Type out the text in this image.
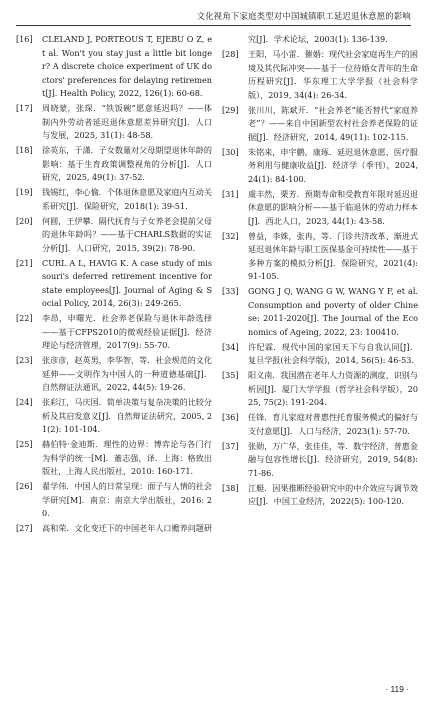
文化视角下家庭类型对中国城镇职工延迟退休意愿的影响
[16]	CLELAND J, PORTEOUS T, EJEBU O Z, et al. Won't you stay just a little bit longer? A discrete choice experiment of UK doctors' preferences for delaying retirement[J]. Health Policy, 2022, 126(1): 60-68.
[17]	周晓蒙，张琛．“铁饭碗”愿意延迟吗？——体制内外劳动者延迟退休意愿差异研究[J]．人口与发展，2025, 31(1): 48-58.
[18]	徐英东，于潇．子女数量对父母期望退休年龄的影响：基于生育政策调整视角的分析[J]．人口研究，2025, 49(1): 37-52.
[19]	钱锡红，李心愉．个体退休意愿及家庭内互动关系研究[J]．保险研究，2018(1): 39-51.
[20]	何圆，王伊攀．隔代抚育与子女养老会提前父母的退休年龄吗？——基于CHARLS数据的实证分析[J]．人口研究，2015, 39(2): 78-90.
[21]	CURL A L, HAVIG K. A case study of missouri's deferred retirement incentive for state employees[J]. Journal of Aging & Social Policy, 2014, 26(3): 249-265.
[22]	李昂，申曙光．社会养老保险与退休年龄选择——基于CFPS2010的微观经验证据[J]．经济理论与经济管理，2017(9): 55-70.
[23]	张彦彦，赵英男，李华智，等．社会规范的文化延伸——文明作为中国人的一种道德基础[J]．自然辩证法通讯，2022, 44(5): 19-26.
[24]	张彩江，马庆国．简单决策与复杂决策的比较分析及其启发意义[J]．自然辩证法研究，2005, 21(2): 101-104.
[25]	赫伯特·金迪斯．理性的边界：博弈论与各门行为科学的统一[M]．董志强，译．上海：格致出版社，上海人民出版社，2010: 160-171.
[26]	翟学伟．中国人的日常呈现：面子与人情的社会学研究[M]．南京：南京大学出版社，2016: 20.
[27]	高和荣．文化变迁下的中国老年人口赡养问题研
究[J]．学术论坛，2003(1): 136-139.
[28]	王阳，马小雷．催婚：现代社会家庭再生产的困境及其代际冲突——基于一位待婚女青年的生命历程研究[J]．华东理工大学学报（社会科学版），2019, 34(4): 26-34.
[29]	张川川，陈斌开．“社会养老”能否替代“家庭养老”？——来自中国新型农村社会养老保险的证据[J]．经济研究，2014, 49(11): 102-115.
[30]	朱铭来，申宇鹏，康琢．延迟退休意愿、医疗服务利用与健康收益[J]．经济学（季刊），2024, 24(1): 84-100.
[31]	虞丰然，栗芳．预期寿命和受教育年限对延迟退休意愿的影响分析——基于临退休的劳动力样本[J]．西北人口，2023, 44(1): 43-58.
[32]	曾益，李姝，张冉，等．门诊共济改革、渐进式延迟退休年龄与职工医保基金可持续性——基于多种方案的模拟分析[J]．保险研究，2021(4): 91-105.
[33]	GONG J Q, WANG G W, WANG Y F, et al. Consumption and poverty of older Chinese: 2011-2020[J]. The Journal of the Economics of Ageing, 2022, 23: 100410.
[34]	许纪霖．现代中国的家国天下与自我认同[J]．复旦学报(社会科学版)，2014, 56(5): 46-53.
[35]	阳义南．我国潜在老年人力资源的测度、识别与析因[J]．厦门大学学报（哲学社会科学版），2025, 75(2): 191-204.
[36]	任锋．育儿家庭对普惠性托育服务模式的偏好与支付意愿[J]．人口与经济，2023(1): 57-70.
[37]	张勋，万广华，张佳佳，等．数字经济、普惠金融与包容性增长[J]．经济研究，2019, 54(8): 71-86.
[38]	江艇．因果推断经验研究中的中介效应与调节效应[J]．中国工业经济，2022(5): 100-120.
· 119 ·
